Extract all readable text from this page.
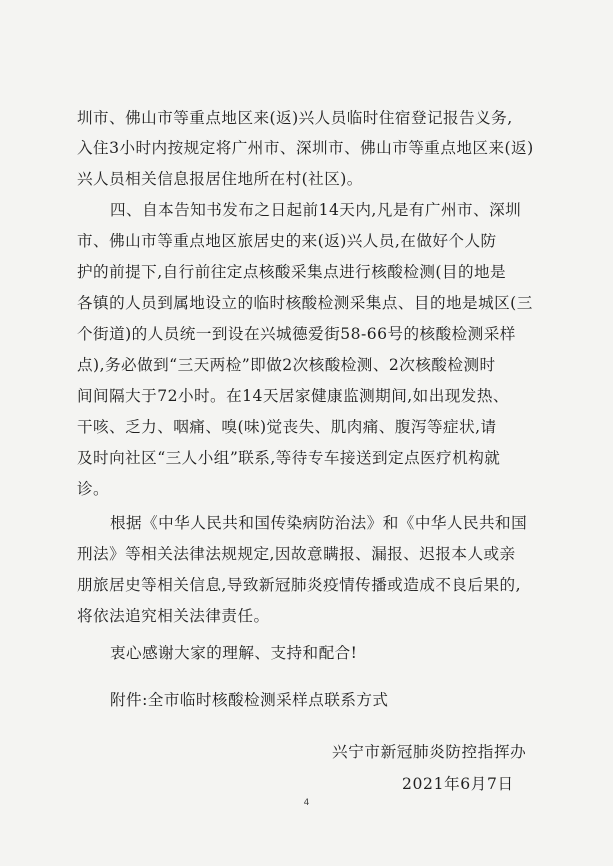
圳市、佛山市等重点地区来(返)兴人员临时住宿登记报告义务,
入住3小时内按规定将广州市、深圳市、佛山市等重点地区来(返)
兴人员相关信息报居住地所在村(社区)。
四、自本告知书发布之日起前14天内,凡是有广州市、深圳
市、佛山市等重点地区旅居史的来(返)兴人员,在做好个人防
护的前提下,自行前往定点核酸采集点进行核酸检测(目的地是
各镇的人员到属地设立的临时核酸检测采集点、目的地是城区(三
个街道)的人员统一到设在兴城德爱街58-66号的核酸检测采样
点),务必做到“三天两检”即做2次核酸检测、2次核酸检测时
间间隔大于72小时。在14天居家健康监测期间,如出现发热、
干咳、乏力、咽痛、嗅(味)觉丧失、肌肉痛、腹泻等症状,请
及时向社区“三人小组”联系,等待专车接送到定点医疗机构就
诊。
根据《中华人民共和国传染病防治法》和《中华人民共和国
刑法》等相关法律法规规定,因故意瞒报、漏报、迟报本人或亲
朋旅居史等相关信息,导致新冠肺炎疫情传播或造成不良后果的,
将依法追究相关法律责任。
衷心感谢大家的理解、支持和配合!
附件:全市临时核酸检测采样点联系方式
兴宁市新冠肺炎防控指挥办
2021年6月7日
4
